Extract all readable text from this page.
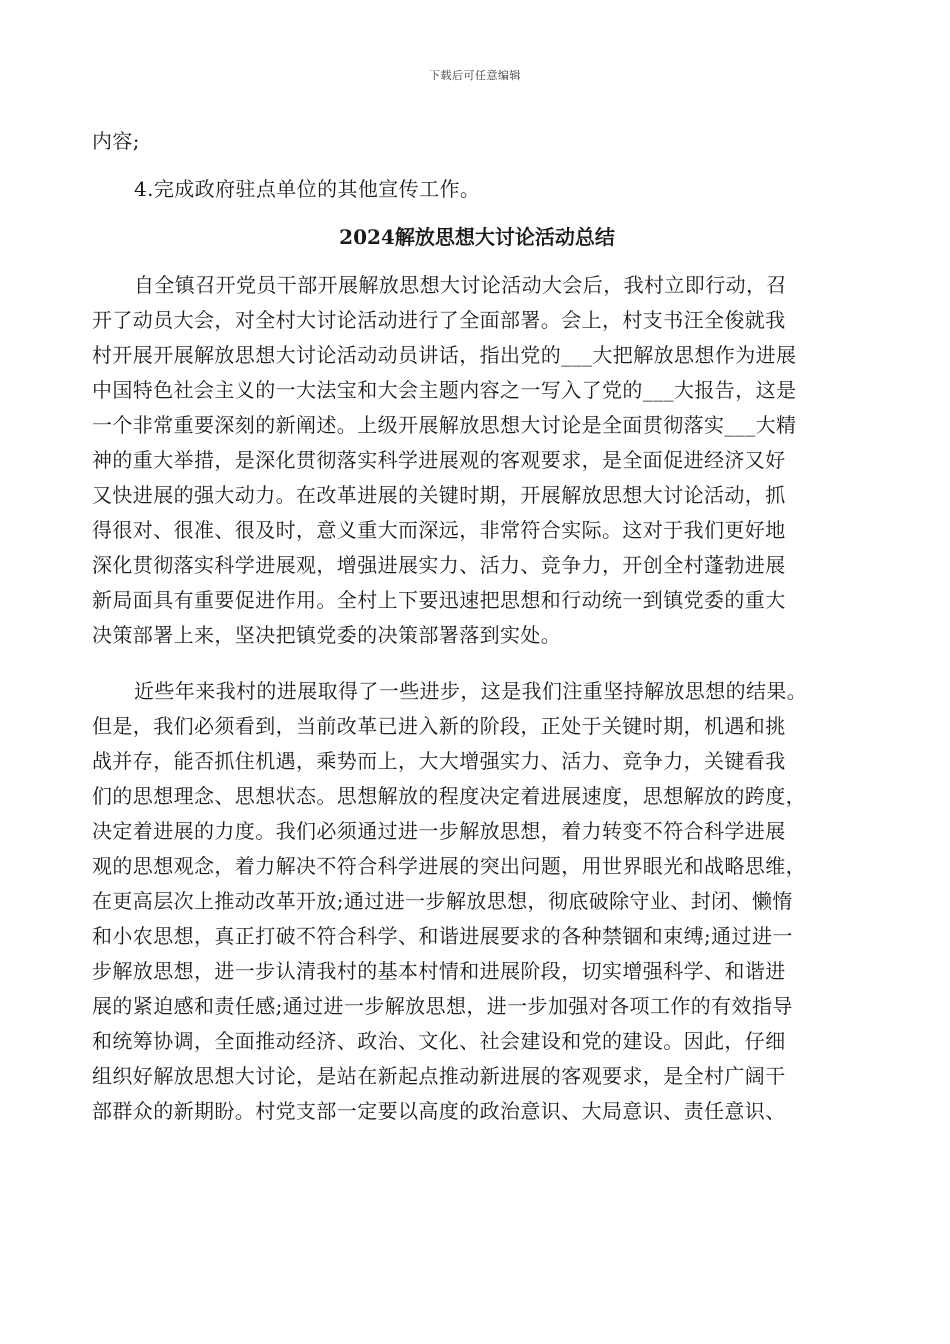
下载后可任意编辑
内容;
4.完成政府驻点单位的其他宣传工作。
2024解放思想大讨论活动总结
自全镇召开党员干部开展解放思想大讨论活动大会后，我村立即行动，召
开了动员大会，对全村大讨论活动进行了全面部署。会上，村支书汪全俊就我
村开展开展解放思想大讨论活动动员讲话，指出党的___大把解放思想作为进展
中国特色社会主义的一大法宝和大会主题内容之一写入了党的___大报告，这是
一个非常重要深刻的新阐述。上级开展解放思想大讨论是全面贯彻落实___大精
神的重大举措，是深化贯彻落实科学进展观的客观要求，是全面促进经济又好
又快进展的强大动力。在改革进展的关键时期，开展解放思想大讨论活动，抓
得很对、很准、很及时，意义重大而深远，非常符合实际。这对于我们更好地
深化贯彻落实科学进展观，增强进展实力、活力、竞争力，开创全村蓬勃进展
新局面具有重要促进作用。全村上下要迅速把思想和行动统一到镇党委的重大
决策部署上来，坚决把镇党委的决策部署落到实处。
近些年来我村的进展取得了一些进步，这是我们注重坚持解放思想的结果。
但是，我们必须看到，当前改革已进入新的阶段，正处于关键时期，机遇和挑
战并存，能否抓住机遇，乘势而上，大大增强实力、活力、竞争力，关键看我
们的思想理念、思想状态。思想解放的程度决定着进展速度，思想解放的跨度，
决定着进展的力度。我们必须通过进一步解放思想，着力转变不符合科学进展
观的思想观念，着力解决不符合科学进展的突出问题，用世界眼光和战略思维，
在更高层次上推动改革开放;通过进一步解放思想，彻底破除守业、封闭、懒惰
和小农思想，真正打破不符合科学、和谐进展要求的各种禁锢和束缚;通过进一
步解放思想，进一步认清我村的基本村情和进展阶段，切实增强科学、和谐进
展的紧迫感和责任感;通过进一步解放思想，进一步加强对各项工作的有效指导
和统筹协调，全面推动经济、政治、文化、社会建设和党的建设。因此，仔细
组织好解放思想大讨论，是站在新起点推动新进展的客观要求，是全村广阔干
部群众的新期盼。村党支部一定要以高度的政治意识、大局意识、责任意识、
